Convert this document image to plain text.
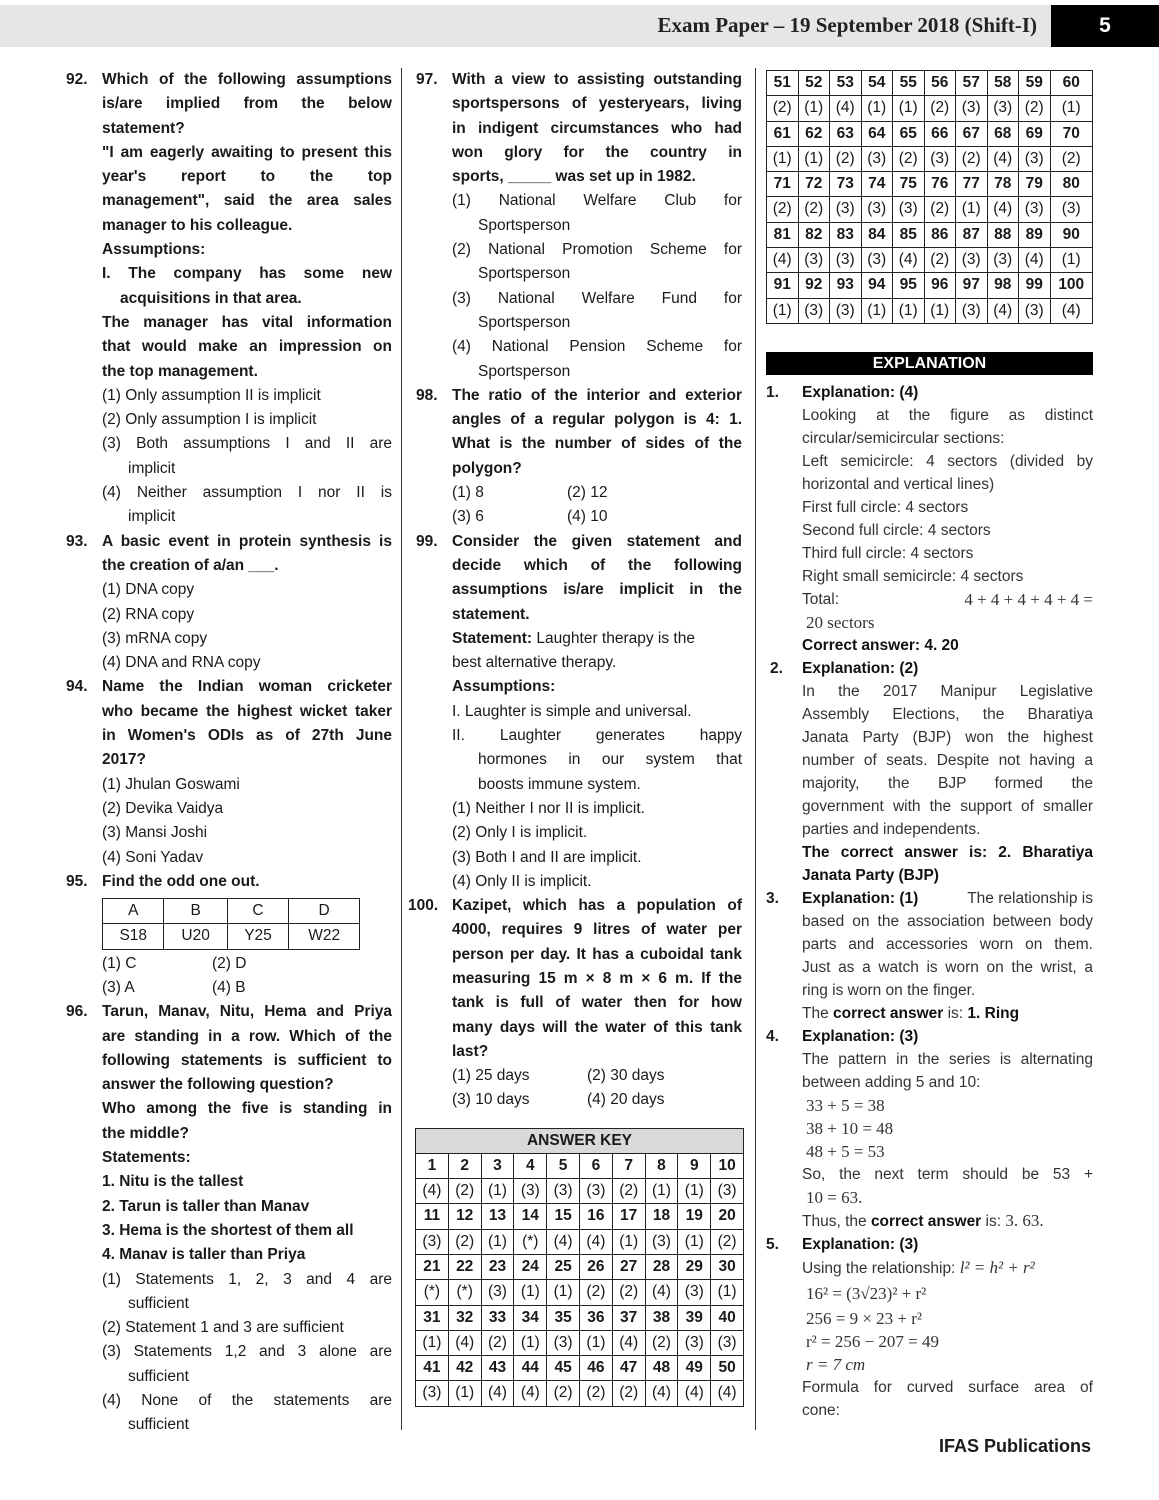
Exam Paper – 19 September 2018 (Shift-I)	5
92. Which of the following assumptions
is/are implied from the below
statement?
"I am eagerly awaiting to present this
year's report to the top
management", said the area sales
manager to his colleague.
Assumptions:
I. The company has some new
acquisitions in that area.
The manager has vital information
that would make an impression on
the top management.
(1) Only assumption II is implicit
(2) Only assumption I is implicit
(3) Both assumptions I and II are
implicit
(4) Neither assumption I nor II is
implicit
93. A basic event in protein synthesis is
the creation of a/an ___.
(1) DNA copy
(2) RNA copy
(3) mRNA copy
(4) DNA and RNA copy
94. Name the Indian woman cricketer
who became the highest wicket taker
in Women's ODIs as of 27th June
2017?
(1) Jhulan Goswami
(2) Devika Vaidya
(3) Mansi Joshi
(4) Soni Yadav
95. Find the odd one out.
A	B	C	D
S18	U20	Y25	W22
(1) C	(2) D
(3) A	(4) B
96. Tarun, Manav, Nitu, Hema and Priya
are standing in a row. Which of the
following statements is sufficient to
answer the following question?
Who among the five is standing in
the middle?
Statements:
1. Nitu is the tallest
2. Tarun is taller than Manav
3. Hema is the shortest of them all
4. Manav is taller than Priya
(1) Statements 1, 2, 3 and 4 are
sufficient
(2) Statement 1 and 3 are sufficient
(3) Statements 1,2 and 3 alone are
sufficient
(4) None of the statements are
sufficient
97. With a view to assisting outstanding
sportspersons of yesteryears, living
in indigent circumstances who had
won glory for the country in
sports, _____ was set up in 1982.
(1) National Welfare Club for
Sportsperson
(2) National Promotion Scheme for
Sportsperson
(3) National Welfare Fund for
Sportsperson
(4) National Pension Scheme for
Sportsperson
98. The ratio of the interior and exterior
angles of a regular polygon is 4: 1.
What is the number of sides of the
polygon?
(1) 8	(2) 12
(3) 6	(4) 10
99. Consider the given statement and
decide which of the following
assumptions is/are implicit in the
statement.
Statement: Laughter therapy is the
best alternative therapy.
Assumptions:
I. Laughter is simple and universal.
II. Laughter generates happy
hormones in our system that
boosts immune system.
(1) Neither I nor II is implicit.
(2) Only I is implicit.
(3) Both I and II are implicit.
(4) Only II is implicit.
100. Kazipet, which has a population of
4000, requires 9 litres of water per
person per day. It has a cuboidal tank
measuring 15 m × 8 m × 6 m. If the
tank is full of water then for how
many days will the water of this tank
last?
(1) 25 days	(2) 30 days
(3) 10 days	(4) 20 days
ANSWER KEY
1	2	3	4	5	6	7	8	9	10
(4)	(2)	(1)	(3)	(3)	(3)	(2)	(1)	(1)	(3)
11	12	13	14	15	16	17	18	19	20
(3)	(2)	(1)	(*)	(4)	(4)	(1)	(3)	(1)	(2)
21	22	23	24	25	26	27	28	29	30
(*)	(*)	(3)	(1)	(1)	(2)	(2)	(4)	(3)	(1)
31	32	33	34	35	36	37	38	39	40
(1)	(4)	(2)	(1)	(3)	(1)	(4)	(2)	(3)	(3)
41	42	43	44	45	46	47	48	49	50
(3)	(1)	(4)	(4)	(2)	(2)	(2)	(4)	(4)	(4)
51	52	53	54	55	56	57	58	59	60
(2)	(1)	(4)	(1)	(1)	(2)	(3)	(3)	(2)	(1)
61	62	63	64	65	66	67	68	69	70
(1)	(1)	(2)	(3)	(2)	(3)	(2)	(4)	(3)	(2)
71	72	73	74	75	76	77	78	79	80
(2)	(2)	(3)	(3)	(3)	(2)	(1)	(4)	(3)	(3)
81	82	83	84	85	86	87	88	89	90
(4)	(3)	(3)	(3)	(4)	(2)	(3)	(3)	(4)	(1)
91	92	93	94	95	96	97	98	99	100
(1)	(3)	(3)	(1)	(1)	(1)	(3)	(4)	(3)	(4)
EXPLANATION
1. Explanation: (4)
Looking at the figure as distinct
circular/semicircular sections:
Left semicircle: 4 sectors (divided by
horizontal and vertical lines)
First full circle: 4 sectors
Second full circle: 4 sectors
Third full circle: 4 sectors
Right small semicircle: 4 sectors
Total:	4 + 4 + 4 + 4 + 4 =
20 sectors
Correct answer: 4. 20
2. Explanation: (2)
In the 2017 Manipur Legislative
Assembly Elections, the Bharatiya
Janata Party (BJP) won the highest
number of seats. Despite not having a
majority, the BJP formed the
government with the support of smaller
parties and independents.
The correct answer is: 2. Bharatiya
Janata Party (BJP)
3. Explanation: (1)	The relationship is
based on the association between body
parts and accessories worn on them.
Just as a watch is worn on the wrist, a
ring is worn on the finger.
The correct answer is: 1. Ring
4. Explanation: (3)
The pattern in the series is alternating
between adding 5 and 10:
33 + 5 = 38
38 + 10 = 48
48 + 5 = 53
So, the next term should be 53 +
10 = 63.
Thus, the correct answer is: 3. 63.
5. Explanation: (3)
Using the relationship: l² = h² + r²
16² = (3√23)² + r²
256 = 9 × 23 + r²
r² = 256 − 207 = 49
r = 7 cm
Formula for curved surface area of
cone:
IFAS Publications
